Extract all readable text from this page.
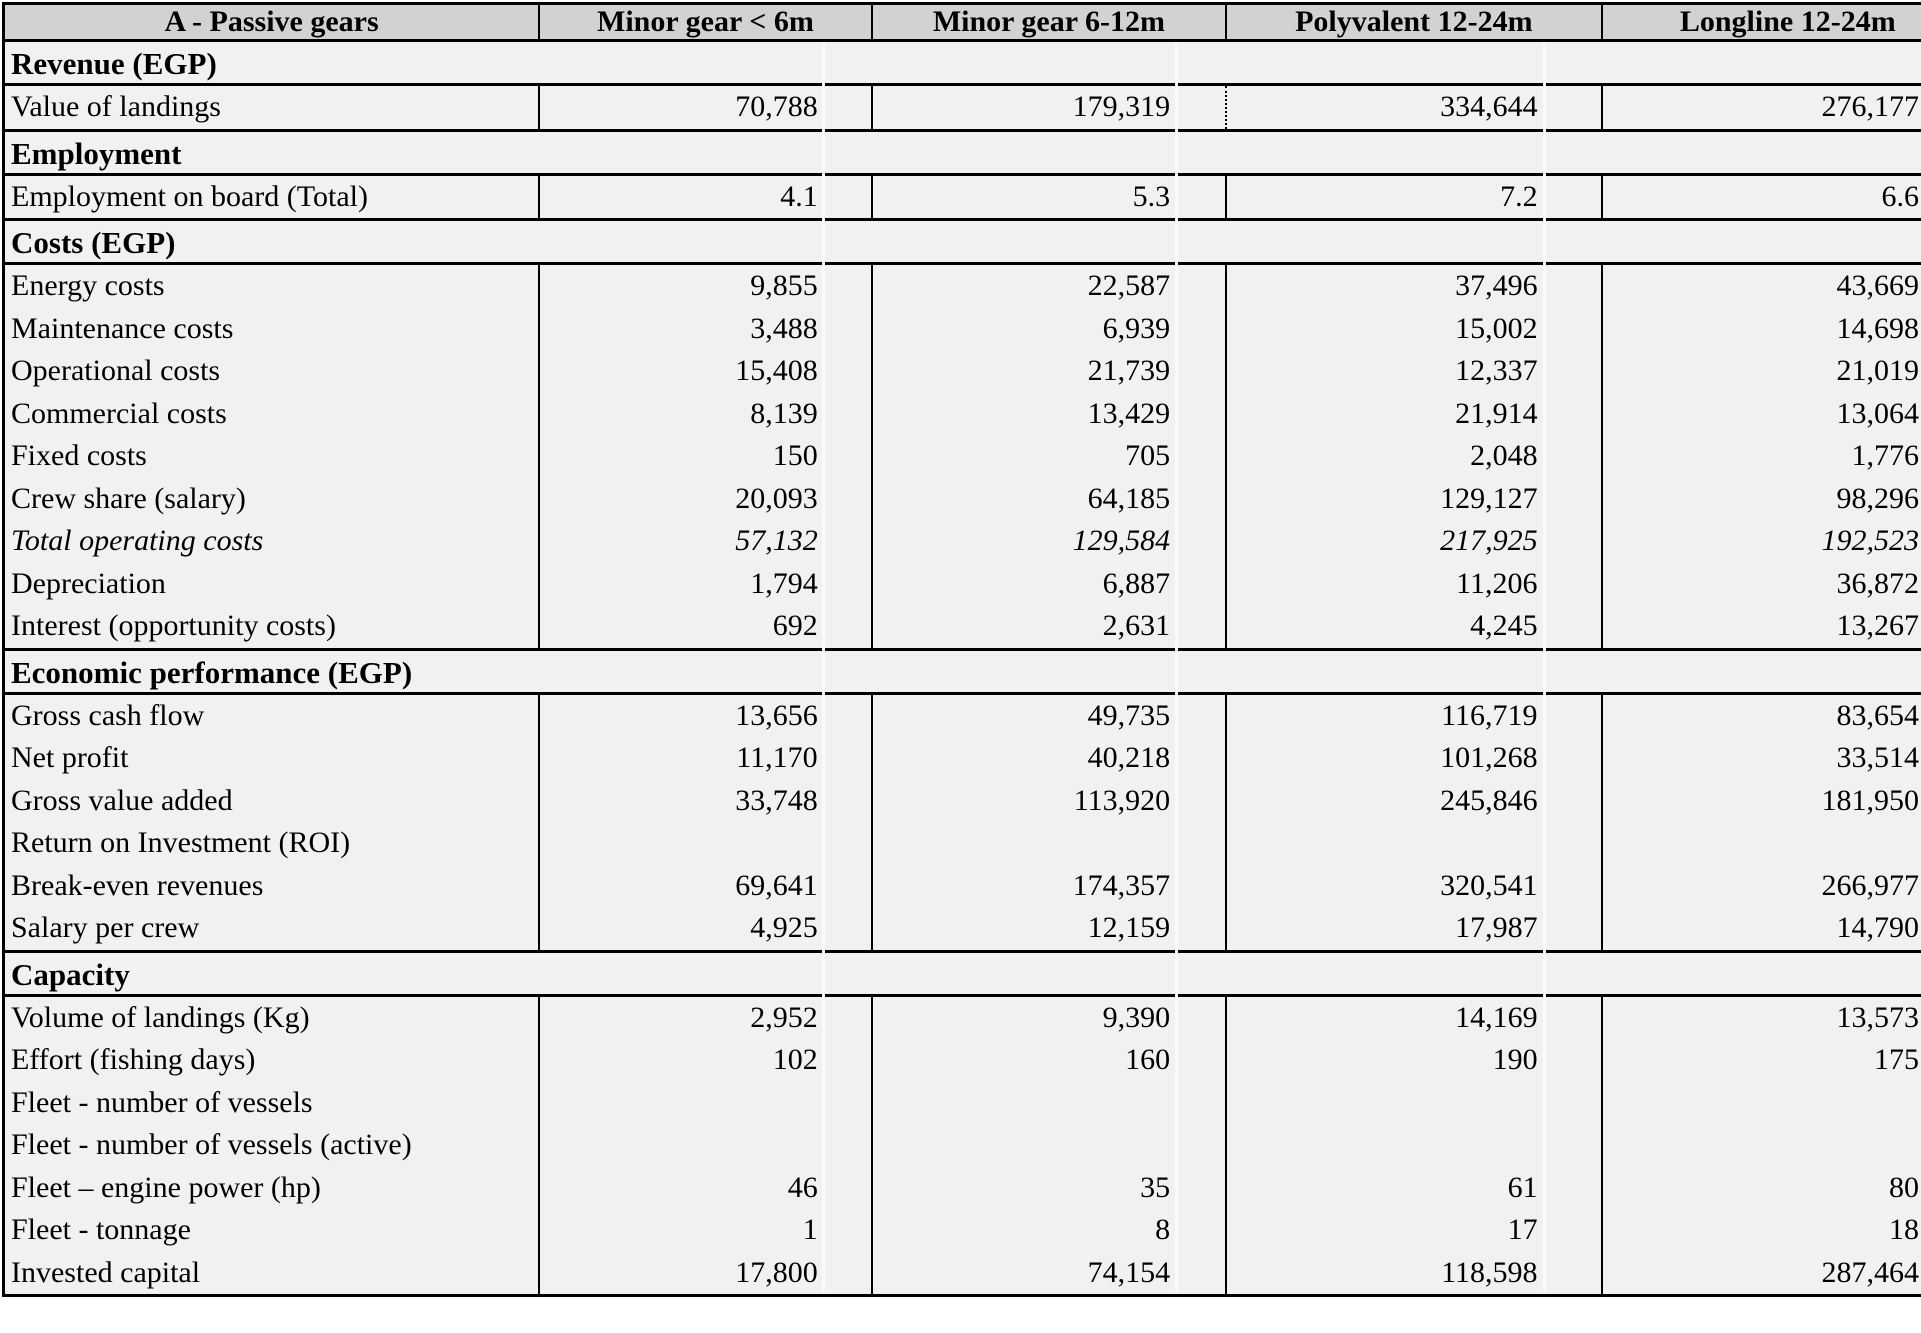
A - Passive gears	Minor gear < 6m	Minor gear 6-12m	Polyvalent 12-24m	Longline 12-24m
Revenue (EGP)
Value of landings	70,788	179,319	334,644	276,177
Employment
Employment on board (Total)	4.1	5.3	7.2	6.6
Costs (EGP)
Energy costs	9,855	22,587	37,496	43,669
Maintenance costs	3,488	6,939	15,002	14,698
Operational costs	15,408	21,739	12,337	21,019
Commercial costs	8,139	13,429	21,914	13,064
Fixed costs	150	705	2,048	1,776
Crew share (salary)	20,093	64,185	129,127	98,296
Total operating costs	57,132	129,584	217,925	192,523
Depreciation	1,794	6,887	11,206	36,872
Interest (opportunity costs)	692	2,631	4,245	13,267
Economic performance (EGP)
Gross cash flow	13,656	49,735	116,719	83,654
Net profit	11,170	40,218	101,268	33,514
Gross value added	33,748	113,920	245,846	181,950
Return on Investment (ROI)
Break-even revenues	69,641	174,357	320,541	266,977
Salary per crew	4,925	12,159	17,987	14,790
Capacity
Volume of landings (Kg)	2,952	9,390	14,169	13,573
Effort (fishing days)	102	160	190	175
Fleet - number of vessels
Fleet - number of vessels (active)
Fleet – engine power (hp)	46	35	61	80
Fleet - tonnage	1	8	17	18
Invested capital	17,800	74,154	118,598	287,464
